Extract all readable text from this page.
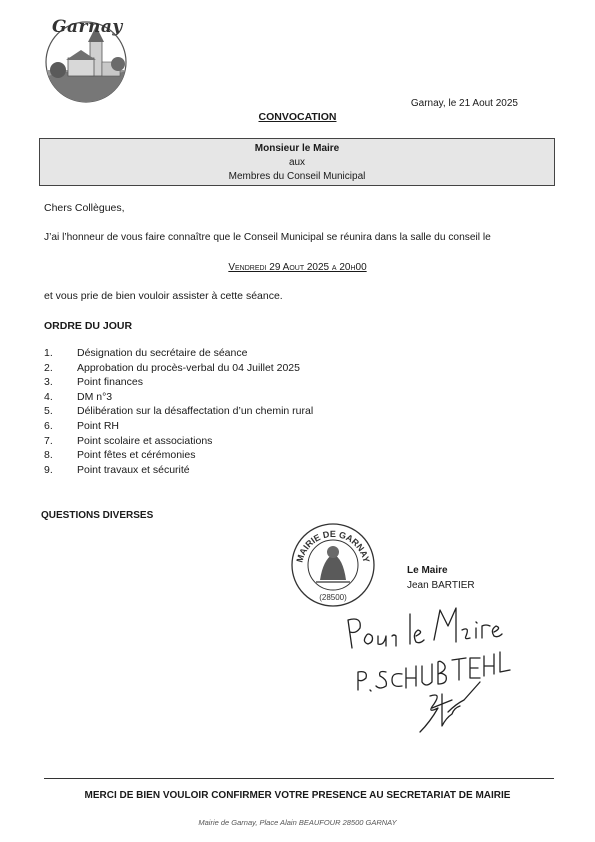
Garnay
Garnay, le 21 Aout 2025
CONVOCATION
Monsieur le Maire
aux
Membres du Conseil Municipal
Chers Collègues,
J’ai l’honneur de vous faire connaître que le Conseil Municipal se réunira dans la salle du conseil le
Vendredi 29 Aout 2025 a 20h00
et vous prie de bien vouloir assister à cette séance.
ORDRE DU JOUR
1. Désignation du secrétaire de séance
2. Approbation du procès-verbal du 04 Juillet 2025
3. Point finances
4. DM n°3
5. Délibération sur la désaffectation d’un chemin rural
6. Point RH
7. Point scolaire et associations
8. Point fêtes et cérémonies
9. Point travaux et sécurité
QUESTIONS DIVERSES
MAIRIE DE GARNAY
(28500)
Le Maire
Jean BARTIER
MERCI DE BIEN VOULOIR CONFIRMER VOTRE PRESENCE AU SECRETARIAT DE MAIRIE
Mairie de Garnay, Place Alain BEAUFOUR 28500 GARNAY
